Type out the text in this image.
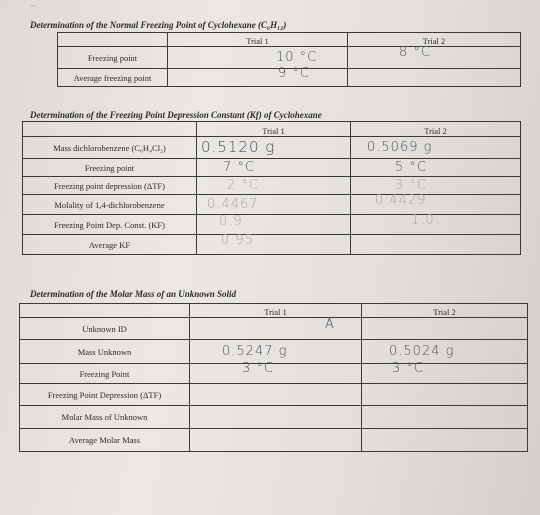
...
Determination of the Normal Freezing Point of Cyclohexane (C₆H₁₂)
	Trial 1	Trial 2
Freezing point	10 °C	8 °C

Average freezing point	9 °C	

Determination of the Freezing Point Depression Constant (Kf) of Cyclohexane
	Trial 1	Trial 2
Mass dichlorobenzene (C₆H₄Cl₂)	0.5120 g	0.5069 g

Freezing point	7 °C	5 °C

Freezing point depression (ΔTF)	2 °C	3 °C

Molality of 1,4-dichlorobenzene	0.4467	0.4429

Freezing Point Dep. Const. (KF)	0.9	1.0

Average KF	0.95	

Determination of the Molar Mass of an Unknown Solid
	Trial 1	Trial 2
Unknown ID	A	

Mass Unknown	0.5247 g	0.5024 g

Freezing Point	3 °C	3 °C

Freezing Point Depression (ΔTF)	

Molar Mass of Unknown	

Average Molar Mass	
